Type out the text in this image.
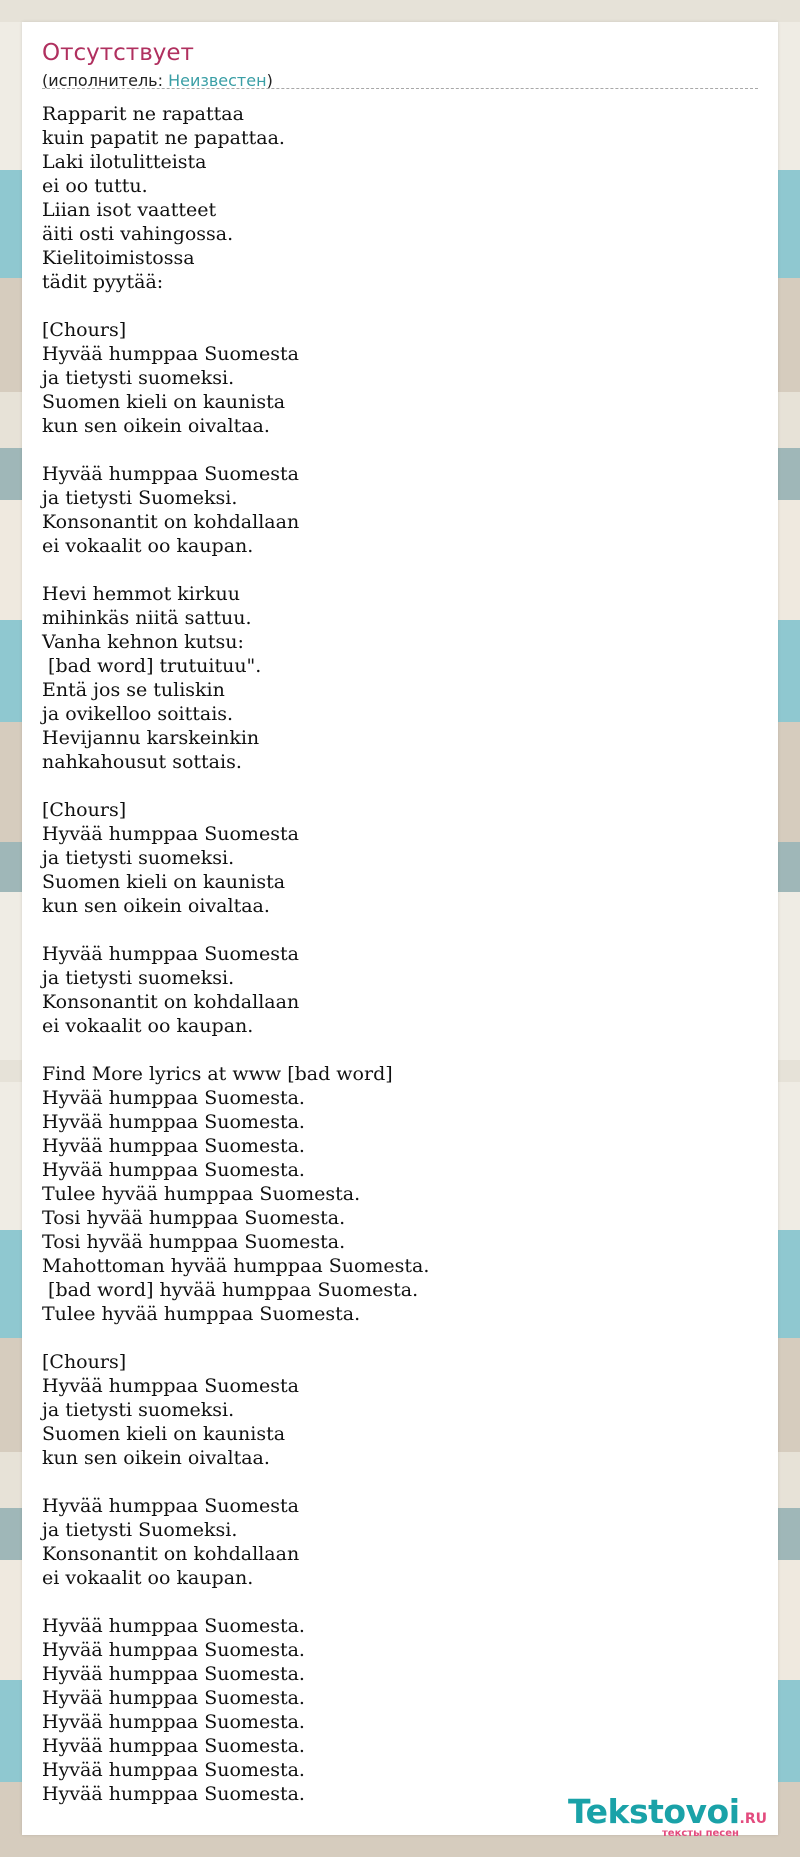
Отсутствует
(исполнитель: Неизвестен)
Rapparit ne rapattaa
kuin papatit ne papattaa.
Laki ilotulitteista
ei oo tuttu.
Liian isot vaatteet
äiti osti vahingossa.
Kielitoimistossa
tädit pyytää:

[Chours]
Hyvää humppaa Suomesta
ja tietysti suomeksi.
Suomen kieli on kaunista
kun sen oikein oivaltaa.

Hyvää humppaa Suomesta
ja tietysti Suomeksi.
Konsonantit on kohdallaan
ei vokaalit oo kaupan.

Hevi hemmot kirkuu
mihinkäs niitä sattuu.
Vanha kehnon kutsu:
[bad word] trutuituu".
Entä jos se tuliskin
ja ovikelloo soittais.
Hevijannu karskeinkin
nahkahousut sottais.

[Chours]
Hyvää humppaa Suomesta
ja tietysti suomeksi.
Suomen kieli on kaunista
kun sen oikein oivaltaa.

Hyvää humppaa Suomesta
ja tietysti suomeksi.
Konsonantit on kohdallaan
ei vokaalit oo kaupan.

Find More lyrics at www [bad word]
Hyvää humppaa Suomesta.
Hyvää humppaa Suomesta.
Hyvää humppaa Suomesta.
Hyvää humppaa Suomesta.
Tulee hyvää humppaa Suomesta.
Tosi hyvää humppaa Suomesta.
Tosi hyvää humppaa Suomesta.
Mahottoman hyvää humppaa Suomesta.
[bad word] hyvää humppaa Suomesta.
Tulee hyvää humppaa Suomesta.

[Chours]
Hyvää humppaa Suomesta
ja tietysti suomeksi.
Suomen kieli on kaunista
kun sen oikein oivaltaa.

Hyvää humppaa Suomesta
ja tietysti Suomeksi.
Konsonantit on kohdallaan
ei vokaalit oo kaupan.

Hyvää humppaa Suomesta.
Hyvää humppaa Suomesta.
Hyvää humppaa Suomesta.
Hyvää humppaa Suomesta.
Hyvää humppaa Suomesta.
Hyvää humppaa Suomesta.
Hyvää humppaa Suomesta.
Hyvää humppaa Suomesta.	Tekstovoi.RU
тексты песен
